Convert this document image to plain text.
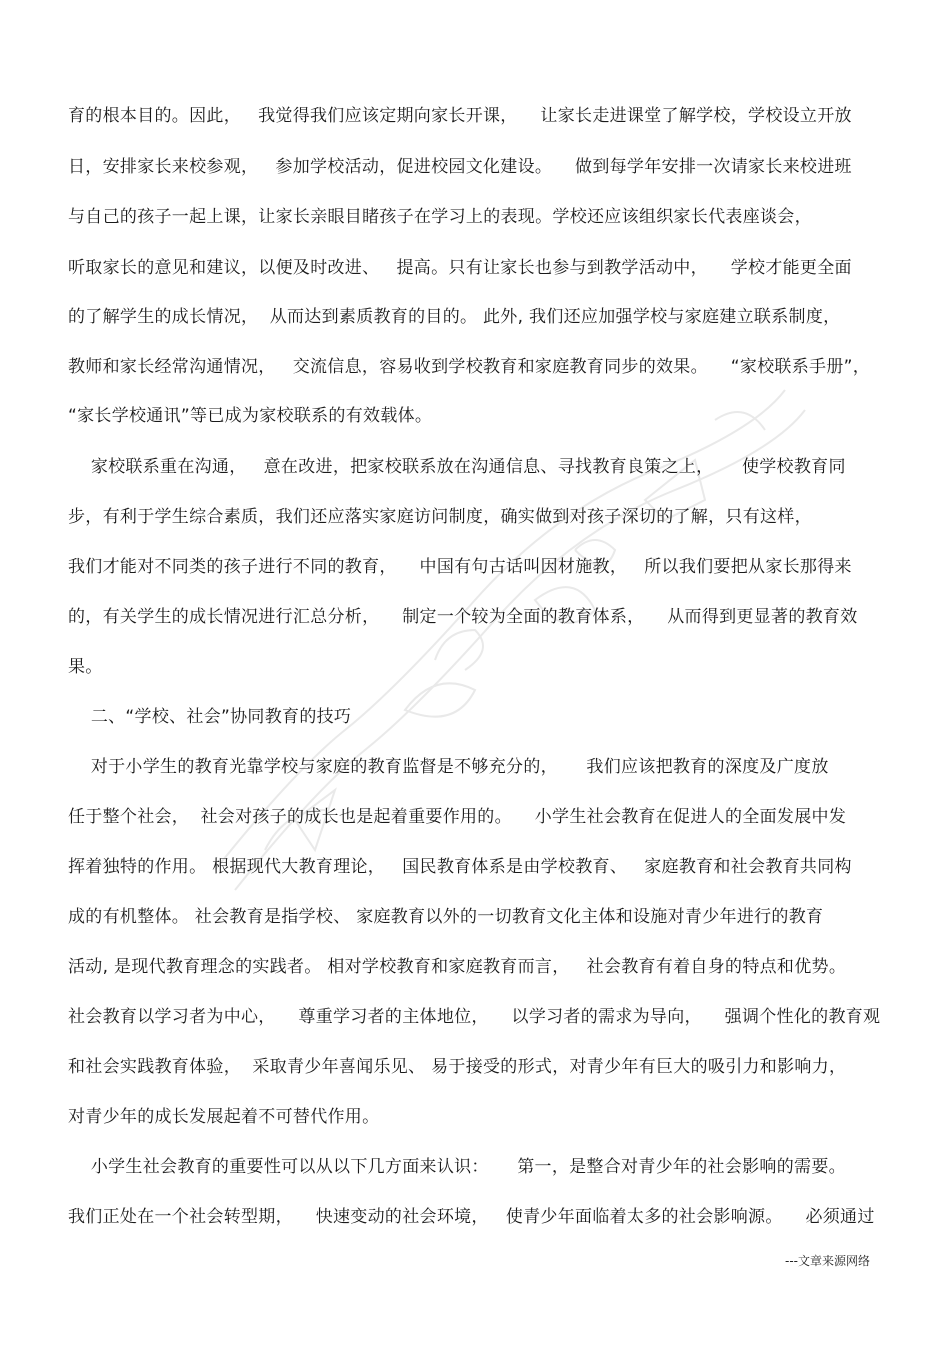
育的根本目的。因此，   我觉得我们应该定期向家长开课，    让家长走进课堂了解学校，学校设立开放
日，安排家长来校参观，   参加学校活动，促进校园文化建设。    做到每学年安排一次请家长来校进班
与自己的孩子一起上课，让家长亲眼目睹孩子在学习上的表现。学校还应该组织家长代表座谈会，
听取家长的意见和建议，以便及时改进、   提高。只有让家长也参与到教学活动中，    学校才能更全面
的了解学生的成长情况，  从而达到素质教育的目的。 此外, 我们还应加强学校与家庭建立联系制度，
教师和家长经常沟通情况，   交流信息，容易收到学校教育和家庭教育同步的效果。    “家校联系手册”，
“家长学校通讯”等已成为家校联系的有效载体。
家校联系重在沟通，   意在改进，把家校联系放在沟通信息、寻找教育良策之上，     使学校教育同
步，有利于学生综合素质，我们还应落实家庭访问制度，确实做到对孩子深切的了解，只有这样，
我们才能对不同类的孩子进行不同的教育，    中国有句古话叫因材施教，   所以我们要把从家长那得来
的，有关学生的成长情况进行汇总分析，    制定一个较为全面的教育体系，    从而得到更显著的教育效
果。
二、“学校、社会”协同教育的技巧
对于小学生的教育光靠学校与家庭的教育监督是不够充分的，     我们应该把教育的深度及广度放
任于整个社会，  社会对孩子的成长也是起着重要作用的。    小学生社会教育在促进人的全面发展中发
挥着独特的作用。 根据现代大教育理论，   国民教育体系是由学校教育、   家庭教育和社会教育共同构
成的有机整体。 社会教育是指学校、 家庭教育以外的一切教育文化主体和设施对青少年进行的教育
活动, 是现代教育理念的实践者。 相对学校教育和家庭教育而言，   社会教育有着自身的特点和优势。
社会教育以学习者为中心，    尊重学习者的主体地位，    以学习者的需求为导向，    强调个性化的教育观
和社会实践教育体验，  采取青少年喜闻乐见、 易于接受的形式，对青少年有巨大的吸引力和影响力，
对青少年的成长发展起着不可替代作用。
小学生社会教育的重要性可以从以下几方面来认识：     第一，是整合对青少年的社会影响的需要。
我们正处在一个社会转型期，    快速变动的社会环境，   使青少年面临着太多的社会影响源。    必须通过
---文章来源网络
